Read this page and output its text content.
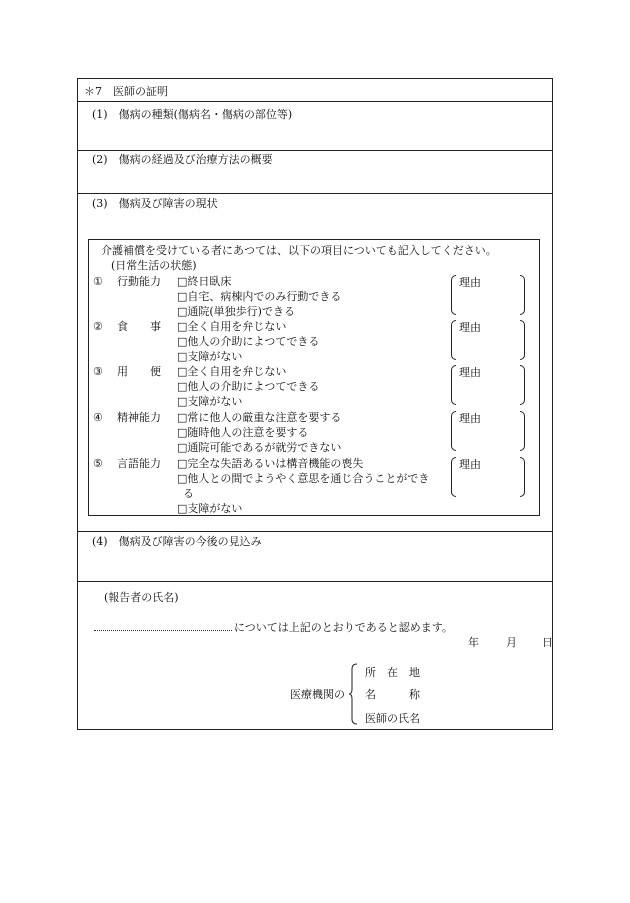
＊7　医師の証明
(1)　傷病の種類(傷病名・傷病の部位等)
(2)　傷病の経過及び治療方法の概要
(3)　傷病及び障害の現状
介護補償を受けている者にあつては、以下の項目についても記入してください。
(日常生活の状態)
① 行動能力 □終日臥床
□自宅、病棟内でのみ行動できる
□通院(単独歩行)できる
理由
② 食　　事 □全く自用を弁じない
□他人の介助によつてできる
□支障がない
理由
③ 用　　便 □全く自用を弁じない
□他人の介助によつてできる
□支障がない
理由
④ 精神能力 □常に他人の厳重な注意を要する
□随時他人の注意を要する
□通院可能であるが就労できない
理由
⑤ 言語能力 □完全な失語あるいは構音機能の喪失
□他人との間でようやく意思を通じ合うことができ
る
□支障がない
理由
(4)　傷病及び障害の今後の見込み
(報告者の氏名)
については上記のとおりであると認めます。
年 月 日
医療機関の
所　在　地
名　　　称
医師の氏名
